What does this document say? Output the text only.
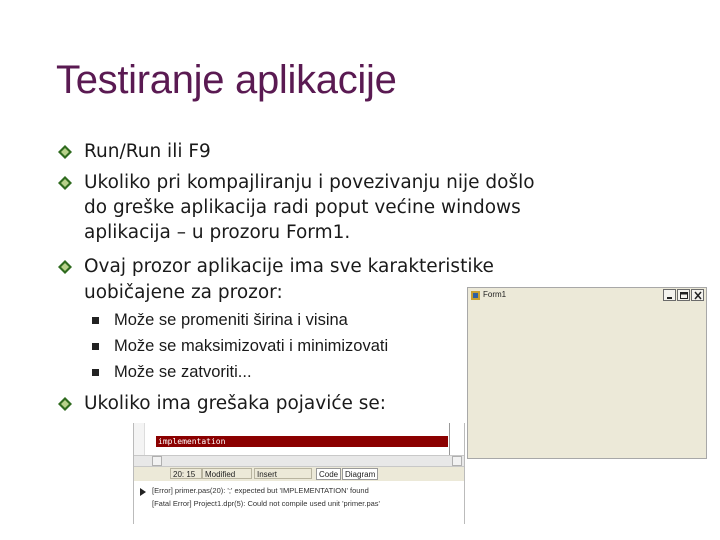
Testiranje aplikacije
Run/Run ili F9
Ukoliko pri kompajliranju i povezivanju nije došlo
do greške aplikacija radi poput većine windows
aplikacija – u prozoru Form1.
Ovaj prozor aplikacije ima sve karakteristike
uobičajene za prozor:
Može se promeniti širina i visina
Može se maksimizovati i minimizovati
Može se zatvoriti...
Ukoliko ima grešaka pojaviće se:
Form1
implementation
20: 15	Modified	Insert	Code Diagram
[Error] primer.pas(20): ';' expected but 'IMPLEMENTATION' found
[Fatal Error] Project1.dpr(5): Could not compile used unit 'primer.pas'
